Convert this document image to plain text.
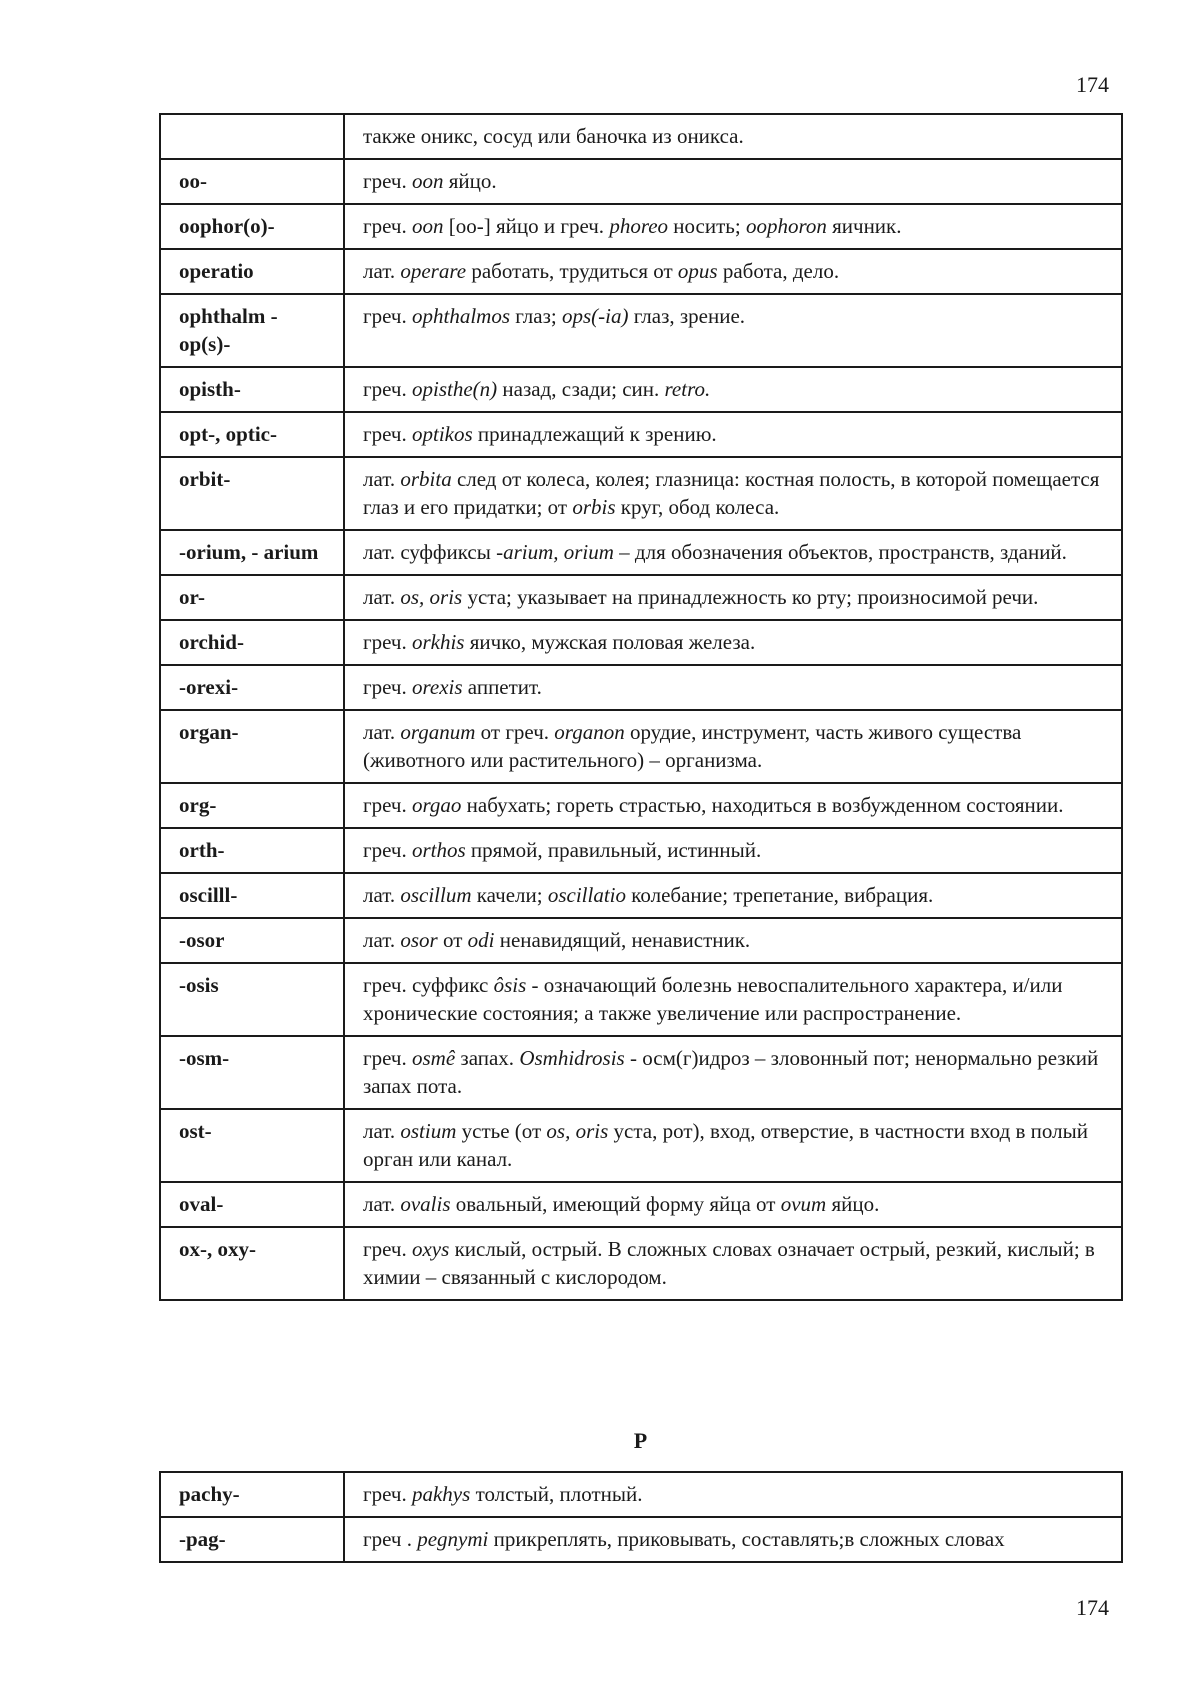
174
	также оникс, сосуд или баночка из оникса.
oo-	греч. oon яйцо.
oophor(o)-	греч. oon [oo-] яйцо и греч. phoreo носить; oophoron яичник.
operatio	лат. operare работать, трудиться от opus работа, дело.
ophthalm - op(s)-	греч. ophthalmos глаз; ops(-ia) глаз, зрение.
opisth-	греч. opisthe(n) назад, сзади; син. retro.
opt-, optic-	греч. optikos принадлежащий к зрению.
orbit-	лат. orbita след от колеса, колея; глазница: костная полость, в которой помещается глаз и его придатки; от orbis круг, обод колеса.
-orium, - arium	лат. суффиксы -arium, orium – для обозначения объектов, пространств, зданий.
or-	лат. os, oris уста; указывает на принадлежность ко рту; произносимой речи.
orchid-	греч. orkhis яичко, мужская половая железа.
-orexi-	греч. orexis аппетит.
organ-	лат. organum от греч. organon орудие, инструмент, часть живого существа (животного или растительного) – организма.
org-	греч. orgao набухать; гореть страстью, находиться в возбужденном состоянии.
orth-	греч. orthos прямой, правильный, истинный.
oscilll-	лат. oscillum качели; oscillatio колебание; трепетание, вибрация.
-osor	лат. osor от odi ненавидящий, ненавистник.
-osis	греч. суффикс ôsis - означающий болезнь невоспалительного характера, и/или хронические состояния; а также увеличение или распространение.
-osm-	греч. osmê запах. Osmhidrosis - осм(г)идроз – зловонный пот; ненормально резкий запах пота.
ost-	лат. ostium устье (от os, oris уста, рот), вход, отверстие, в частности вход в полый орган или канал.
oval-	лат. ovalis овальный, имеющий форму яйца от ovum яйцо.
ox-, oxy-	греч. oxys кислый, острый. В сложных словах означает острый, резкий, кислый; в химии – связанный с кислородом.
P
pachy-	греч. pakhys толстый, плотный.
-pag-	греч . pegnymi прикреплять, приковывать, составлять;в сложных словах
174
